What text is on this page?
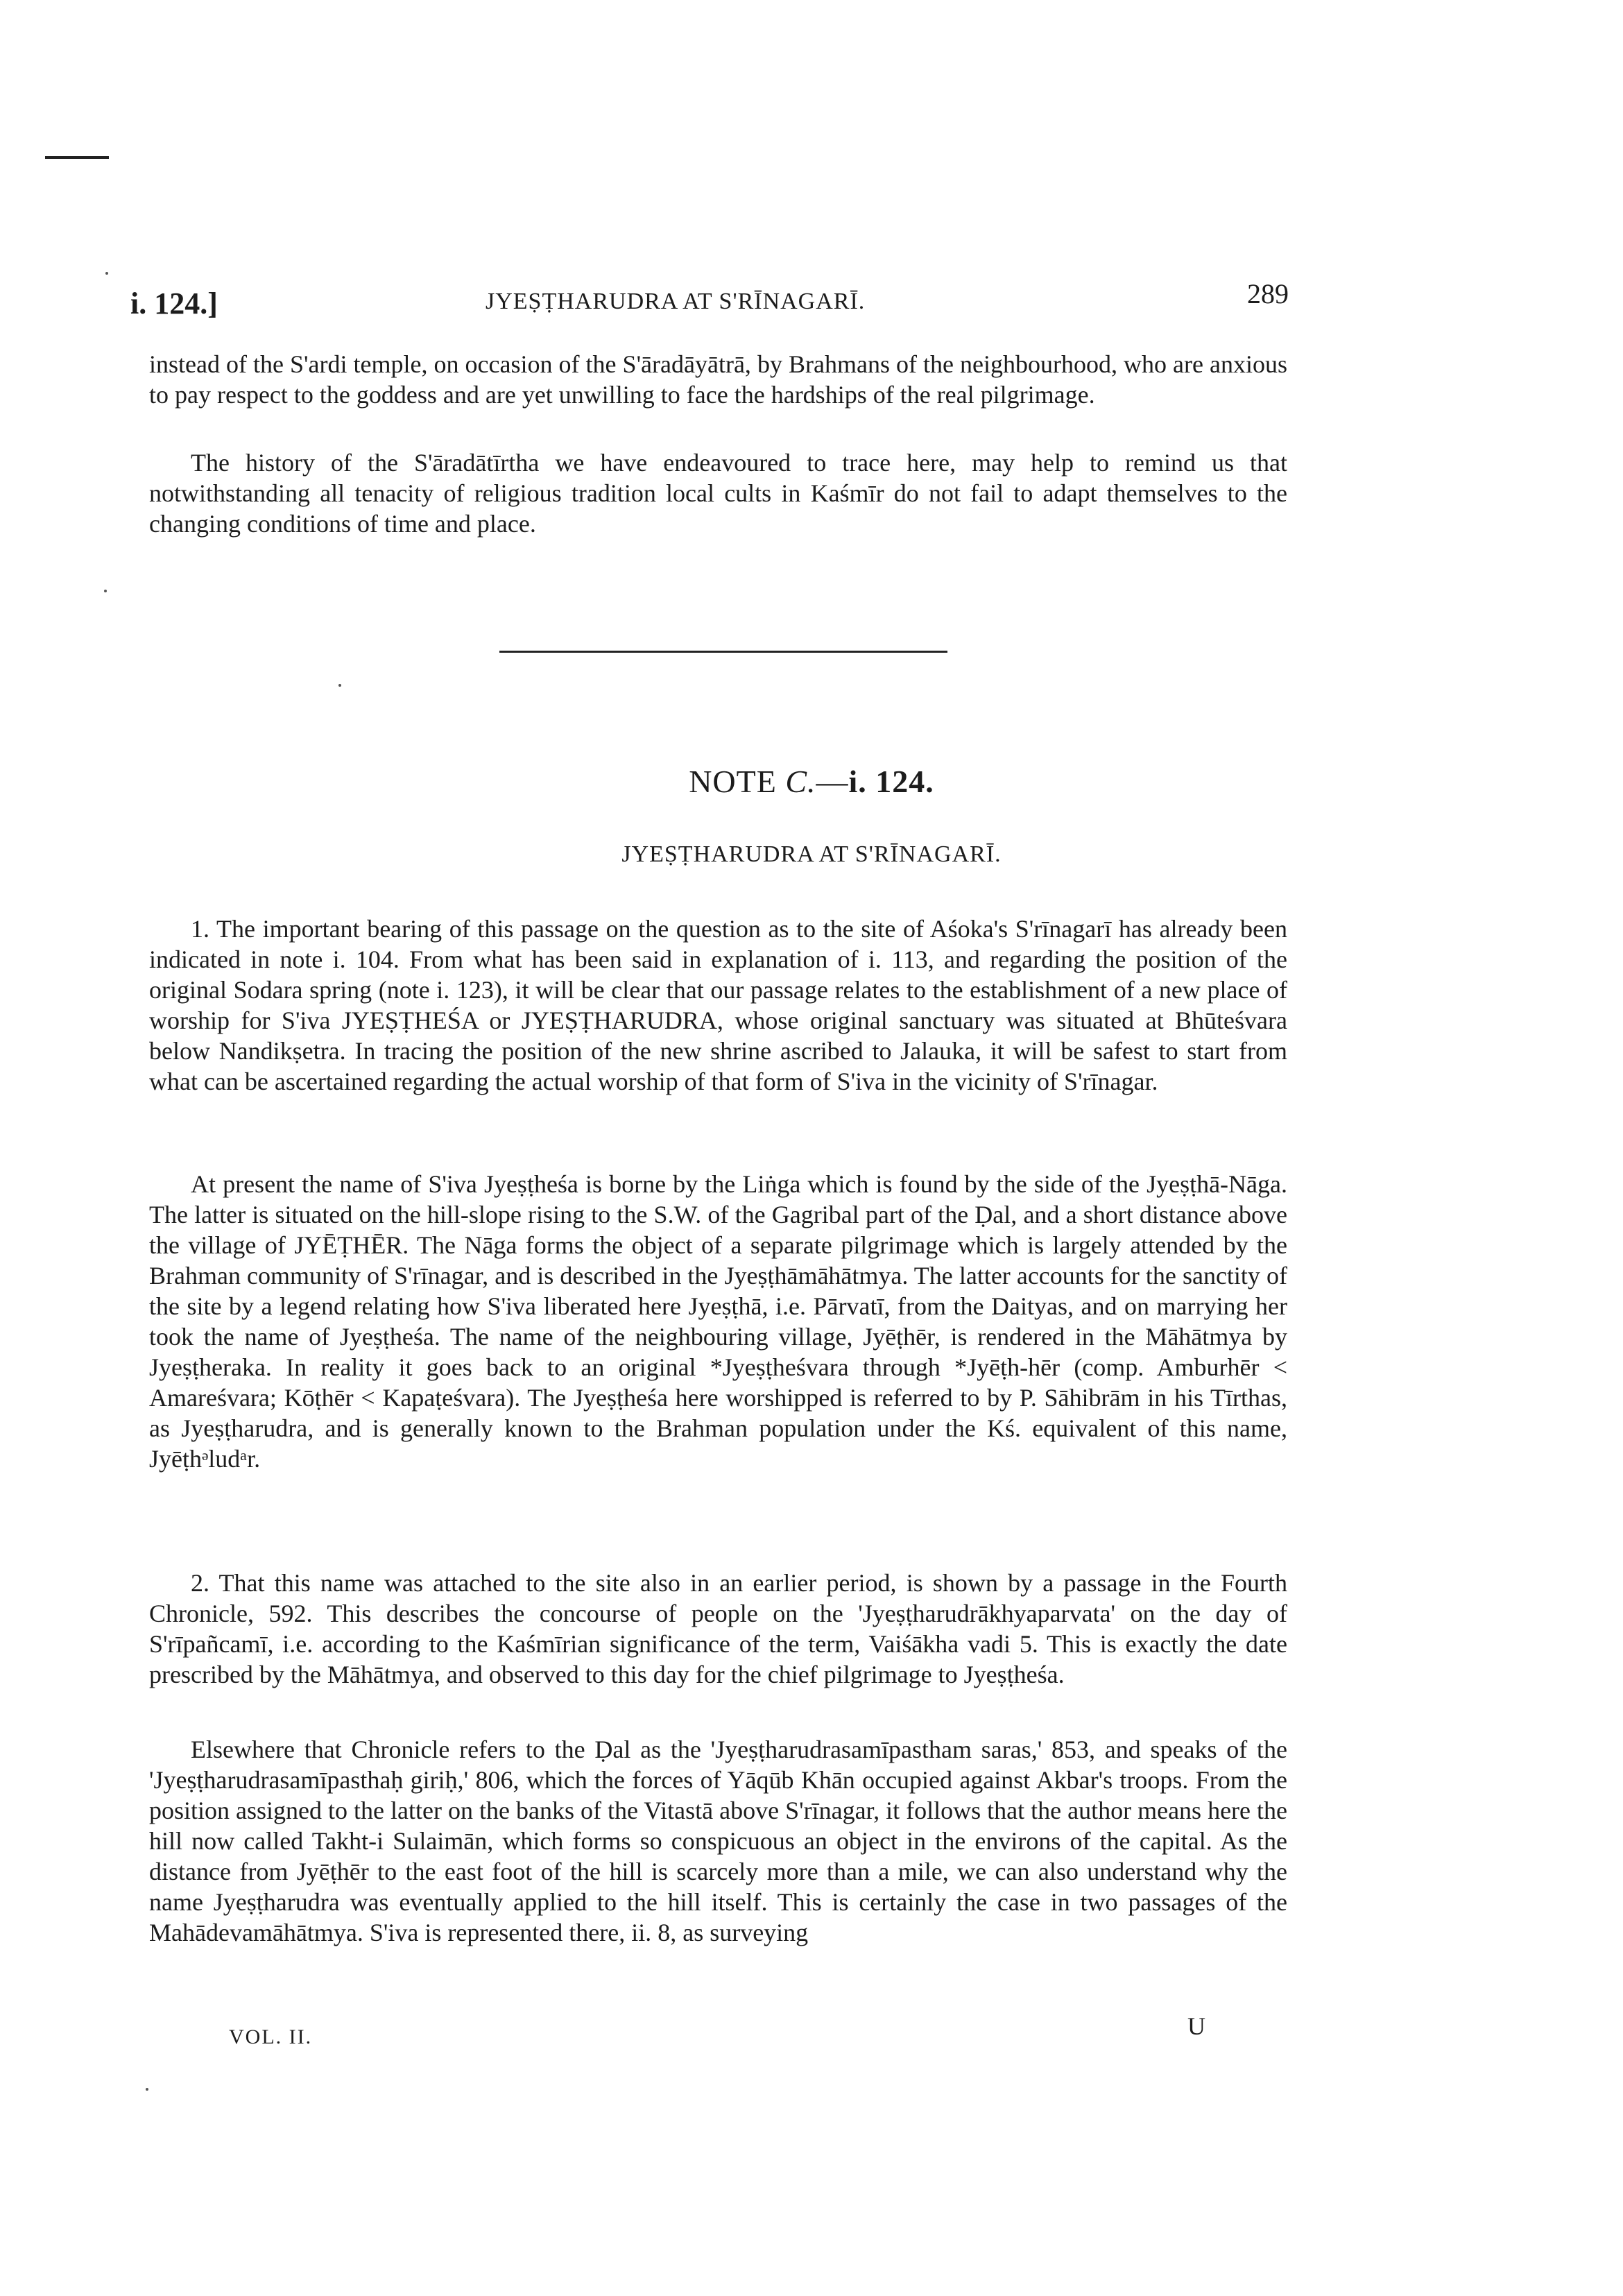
i. 124.]	JYEṢṬHARUDRA AT S'RĪNAGARĪ.	289

instead of the S'ardi temple, on occasion of the S'āradāyātrā, by Brahmans of the neighbourhood, who are anxious to pay respect to the goddess and are yet unwilling to face the hardships of the real pilgrimage.

The history of the S'āradātīrtha we have endeavoured to trace here, may help to remind us that notwithstanding all tenacity of religious tradition local cults in Kaśmīr do not fail to adapt themselves to the changing conditions of time and place.

NOTE C.—i. 124.
JYEṢṬHARUDRA AT S'RĪNAGARĪ.

1. The important bearing of this passage on the question as to the site of Aśoka's S'rīnagarī has already been indicated in note i. 104. From what has been said in explanation of i. 113, and regarding the position of the original Sodara spring (note i. 123), it will be clear that our passage relates to the establishment of a new place of worship for S'iva JYEṢṬHEŚA or JYEṢṬHARUDRA, whose original sanctuary was situated at Bhūteśvara below Nandikṣetra. In tracing the position of the new shrine ascribed to Jalauka, it will be safest to start from what can be ascertained regarding the actual worship of that form of S'iva in the vicinity of S'rīnagar.

At present the name of S'iva Jyeṣṭheśa is borne by the Liṅga which is found by the side of the Jyeṣṭhā-Nāga. The latter is situated on the hill-slope rising to the S.W. of the Gagribal part of the Ḍal, and a short distance above the village of JYĒṬHĒR. The Nāga forms the object of a separate pilgrimage which is largely attended by the Brahman community of S'rīnagar, and is described in the Jyeṣṭhāmāhātmya. The latter accounts for the sanctity of the site by a legend relating how S'iva liberated here Jyeṣṭhā, i.e. Pārvatī, from the Daityas, and on marrying her took the name of Jyeṣṭheśa. The name of the neighbouring village, Jyēṭhēr, is rendered in the Māhātmya by Jyeṣṭheraka. In reality it goes back to an original *Jyeṣṭheśvara through *Jyēṭh-hēr (comp. Amburhēr < Amareśvara; Kōṭhēr < Kapaṭeśvara). The Jyeṣṭheśa here worshipped is referred to by P. Sāhibrām in his Tīrthas, as Jyeṣṭharudra, and is generally known to the Brahman population under the Kś. equivalent of this name, Jyēṭhᵊludᵃr.

2. That this name was attached to the site also in an earlier period, is shown by a passage in the Fourth Chronicle, 592. This describes the concourse of people on the 'Jyeṣṭharudrākhyaparvata' on the day of S'rīpañcamī, i.e. according to the Kaśmīrian significance of the term, Vaiśākha vadi 5. This is exactly the date prescribed by the Māhātmya, and observed to this day for the chief pilgrimage to Jyeṣṭheśa.

Elsewhere that Chronicle refers to the Ḍal as the 'Jyeṣṭharudrasamīpastham saras,' 853, and speaks of the 'Jyeṣṭharudrasamīpasthaḥ giriḥ,' 806, which the forces of Yāqūb Khān occupied against Akbar's troops. From the position assigned to the latter on the banks of the Vitastā above S'rīnagar, it follows that the author means here the hill now called Takht-i Sulaimān, which forms so conspicuous an object in the environs of the capital. As the distance from Jyēṭhēr to the east foot of the hill is scarcely more than a mile, we can also understand why the name Jyeṣṭharudra was eventually applied to the hill itself. This is certainly the case in two passages of the Mahādevamāhātmya. S'iva is represented there, ii. 8, as surveying

VOL. II.	U
